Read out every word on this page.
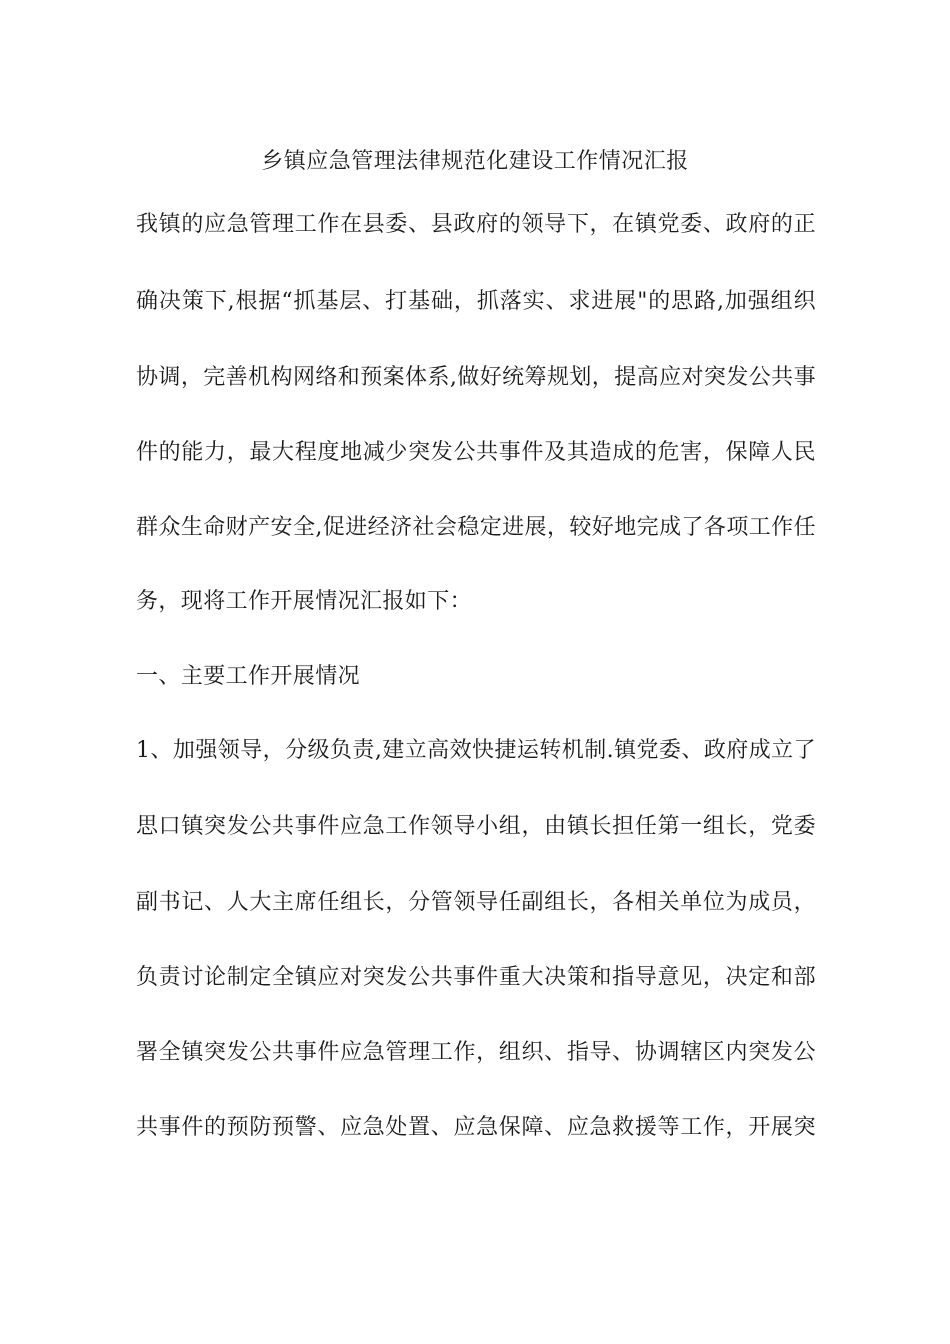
乡镇应急管理法律规范化建设工作情况汇报
我镇的应急管理工作在县委、县政府的领导下，在镇党委、政府的正
确决策下,根据“抓基层、打基础，抓落实、求进展"的思路,加强组织
协调，完善机构网络和预案体系,做好统筹规划，提高应对突发公共事
件的能力，最大程度地减少突发公共事件及其造成的危害，保障人民
群众生命财产安全,促进经济社会稳定进展，较好地完成了各项工作任
务，现将工作开展情况汇报如下：
一、主要工作开展情况
1、加强领导，分级负责,建立高效快捷运转机制.镇党委、政府成立了
思口镇突发公共事件应急工作领导小组，由镇长担任第一组长，党委
副书记、人大主席任组长，分管领导任副组长，各相关单位为成员，
负责讨论制定全镇应对突发公共事件重大决策和指导意见，决定和部
署全镇突发公共事件应急管理工作，组织、指导、协调辖区内突发公
共事件的预防预警、应急处置、应急保障、应急救援等工作，开展突
